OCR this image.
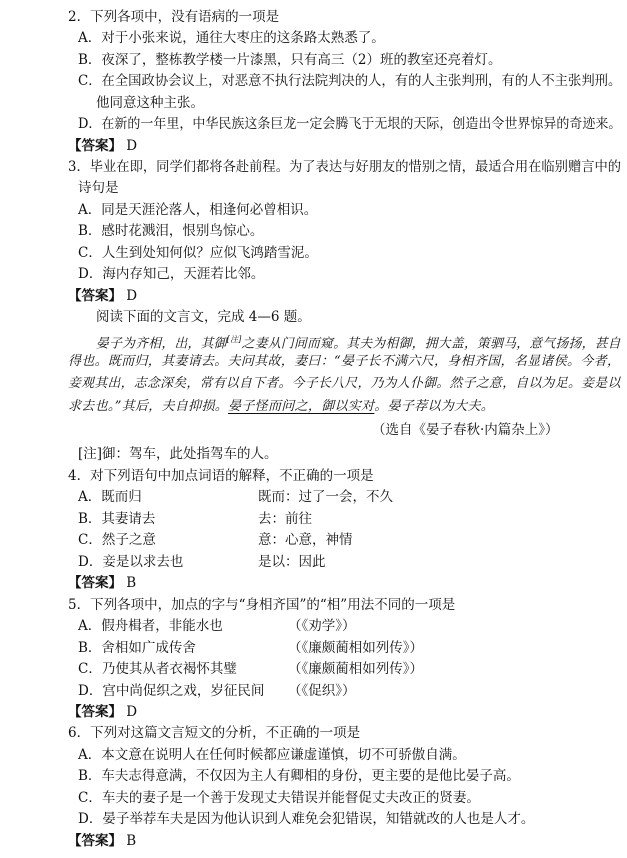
2．下列各项中，没有语病的一项是
A．对于小张来说，通往大枣庄的这条路太熟悉了。
B．夜深了，整栋教学楼一片漆黑，只有高三（2）班的教室还亮着灯。
C．在全国政协会议上，对恶意不执行法院判决的人，有的人主张判刑，有的人不主张判刑。
他同意这种主张。
D．在新的一年里，中华民族这条巨龙一定会腾飞于无垠的天际，创造出令世界惊异的奇迹来。
【答案】 D
3．毕业在即，同学们都将各赴前程。为了表达与好朋友的惜别之情，最适合用在临别赠言中的
诗句是
A．同是天涯沦落人，相逢何必曾相识。
B．感时花溅泪，恨别鸟惊心。
C．人生到处知何似？应似飞鸿踏雪泥。
D．海内存知己，天涯若比邻。
【答案】 D
阅读下面的文言文，完成 4—6 题。
晏子为齐相，出，其御[注]之妻从门间而窥。其夫为相御，拥大盖，策驷马，意气扬扬，甚自
得也。既而归，其妻请去。夫问其故，妻曰：“晏子长不满六尺，身相齐国，名显诸侯。今者，
妾观其出，志念深矣，常有以自下者。今子长八尺，乃为人仆御。然子之意，自以为足。妾是以
求去也。”其后，夫自抑损。晏子怪而问之，御以实对。晏子荐以为大夫。
（选自《晏子春秋·内篇杂上》）
[注]御：驾车，此处指驾车的人。
4．对下列语句中加点词语的解释，不正确的一项是
A．既而归	既而：过了一会，不久
B．其妻请去	去：前往
C．然子之意	意：心意，神情
D．妾是以求去也	是以：因此
【答案】 B
5．下列各项中，加点的字与“身相齐国”的“相”用法不同的一项是
A．假舟楫者，非能水也	（《劝学》）
B．舍相如广成传舍	（《廉颇蔺相如列传》）
C．乃使其从者衣褐怀其璧	（《廉颇蔺相如列传》）
D．宫中尚促织之戏，岁征民间 （《促织》）
【答案】 D
6．下列对这篇文言短文的分析，不正确的一项是
A．本文意在说明人在任何时候都应谦虚谨慎，切不可骄傲自满。
B．车夫志得意满，不仅因为主人有卿相的身份，更主要的是他比晏子高。
C．车夫的妻子是一个善于发现丈夫错误并能督促丈夫改正的贤妻。
D．晏子举荐车夫是因为他认识到人难免会犯错误，知错就改的人也是人才。
【答案】 B
